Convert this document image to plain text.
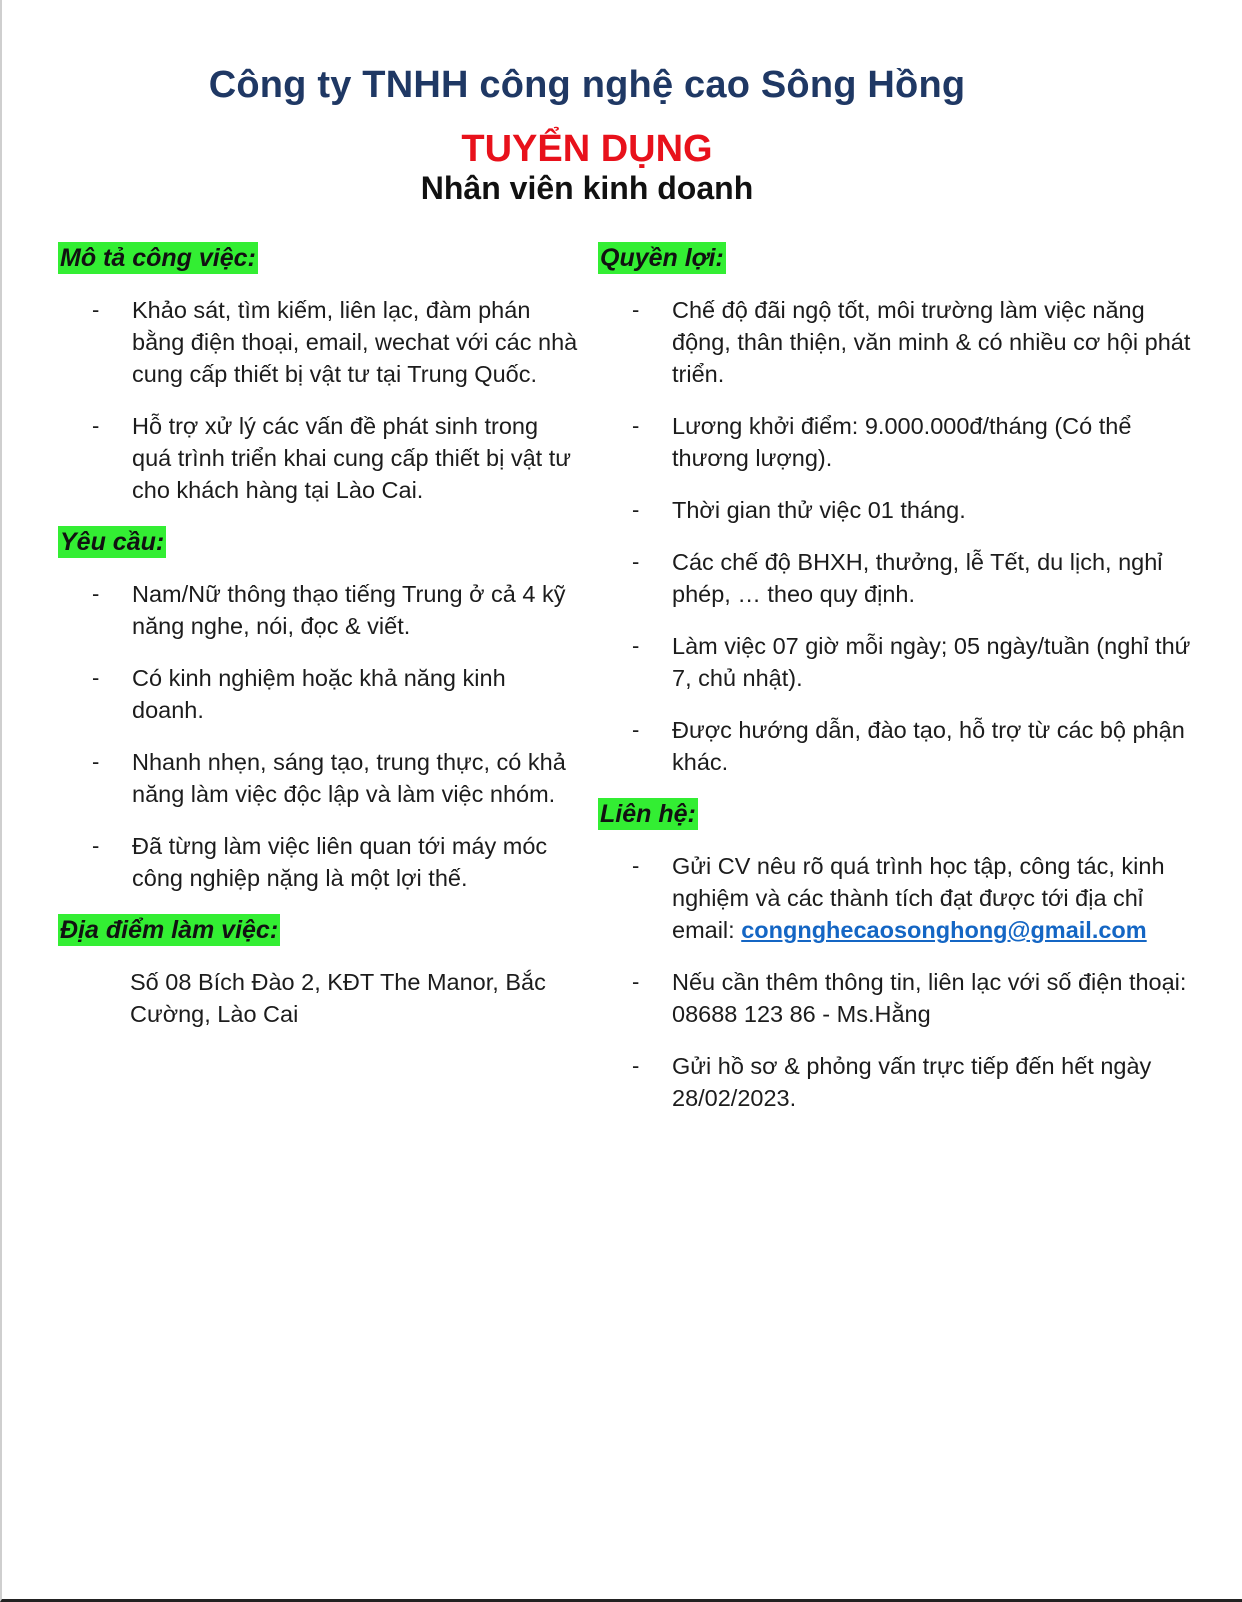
Công ty TNHH công nghệ cao Sông Hồng
TUYỂN DỤNG
Nhân viên kinh doanh
Mô tả công việc:
- Khảo sát, tìm kiếm, liên lạc, đàm phán bằng điện thoại, email, wechat với các nhà cung cấp thiết bị vật tư tại Trung Quốc.
- Hỗ trợ xử lý các vấn đề phát sinh trong quá trình triển khai cung cấp thiết bị vật tư cho khách hàng tại Lào Cai.
Yêu cầu:
- Nam/Nữ thông thạo tiếng Trung ở cả 4 kỹ năng nghe, nói, đọc & viết.
- Có kinh nghiệm hoặc khả năng kinh doanh.
- Nhanh nhẹn, sáng tạo, trung thực, có khả năng làm việc độc lập và làm việc nhóm.
- Đã từng làm việc liên quan tới máy móc công nghiệp nặng là một lợi thế.
Địa điểm làm việc:
Số 08 Bích Đào 2, KĐT The Manor, Bắc Cường, Lào Cai
Quyền lợi:
- Chế độ đãi ngộ tốt, môi trường làm việc năng động, thân thiện, văn minh & có nhiều cơ hội phát triển.
- Lương khởi điểm: 9.000.000đ/tháng (Có thể thương lượng).
- Thời gian thử việc 01 tháng.
- Các chế độ BHXH, thưởng, lễ Tết, du lịch, nghỉ phép, … theo quy định.
- Làm việc 07 giờ mỗi ngày; 05 ngày/tuần (nghỉ thứ 7, chủ nhật).
- Được hướng dẫn, đào tạo, hỗ trợ từ các bộ phận khác.
Liên hệ:
- Gửi CV nêu rõ quá trình học tập, công tác, kinh nghiệm và các thành tích đạt được tới địa chỉ email: congnghecaosonghong@gmail.com
- Nếu cần thêm thông tin, liên lạc với số điện thoại: 08688 123 86 - Ms.Hằng
- Gửi hồ sơ & phỏng vấn trực tiếp đến hết ngày 28/02/2023.
